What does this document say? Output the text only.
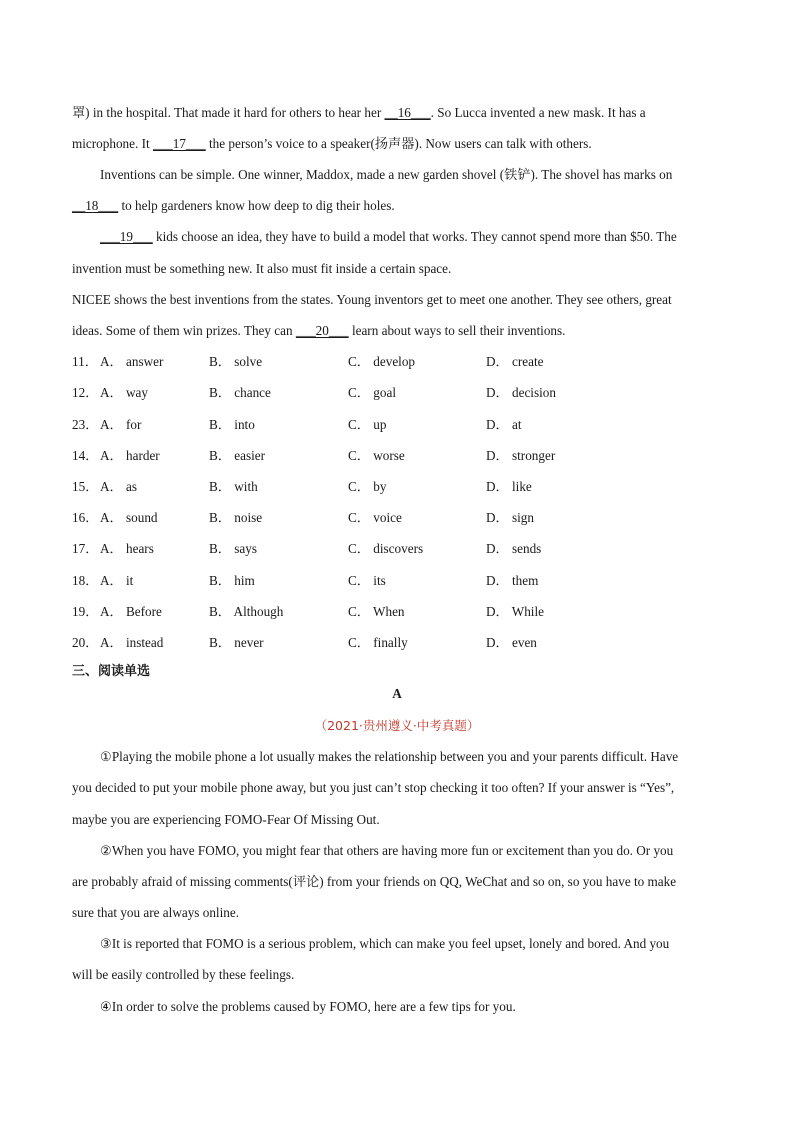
罩) in the hospital. That made it hard for others to hear her __16___. So Lucca invented a new mask. It has a
microphone. It ___17___ the person’s voice to a speaker(扬声器). Now users can talk with others.
Inventions can be simple. One winner, Maddox, made a new garden shovel (铁铲). The shovel has marks on
__18___ to help gardeners know how deep to dig their holes.
___19___ kids choose an idea, they have to build a model that works. They cannot spend more than $50. The
invention must be something new. It also must fit inside a certain space.
NICEE shows the best inventions from the states. Young inventors get to meet one another. They see others, great
ideas. Some of them win prizes. They can ___20___ learn about ways to sell their inventions.
11． A． answer	B． solve	C． develop	D． create
12． A． way	B． chance	C． goal	D． decision
23． A． for	B． into	C． up	D． at
14． A． harder	B． easier	C． worse	D． stronger
15． A． as	B． with	C． by	D． like
16． A． sound	B． noise	C． voice	D． sign
17． A． hears	B． says	C． discovers	D． sends
18． A． it	B． him	C． its	D． them
19． A． Before	B． Although	C． When	D． While
20． A． instead	B． never	C． finally	D． even
三、阅读单选
A
（2021·贵州遵义·中考真题）
①Playing the mobile phone a lot usually makes the relationship between you and your parents difficult. Have
you decided to put your mobile phone away, but you just can’t stop checking it too often? If your answer is “Yes”,
maybe you are experiencing FOMO-Fear Of Missing Out.
②When you have FOMO, you might fear that others are having more fun or excitement than you do. Or you
are probably afraid of missing comments(评论) from your friends on QQ, WeChat and so on, so you have to make
sure that you are always online.
③It is reported that FOMO is a serious problem, which can make you feel upset, lonely and bored. And you
will be easily controlled by these feelings.
④In order to solve the problems caused by FOMO, here are a few tips for you.
